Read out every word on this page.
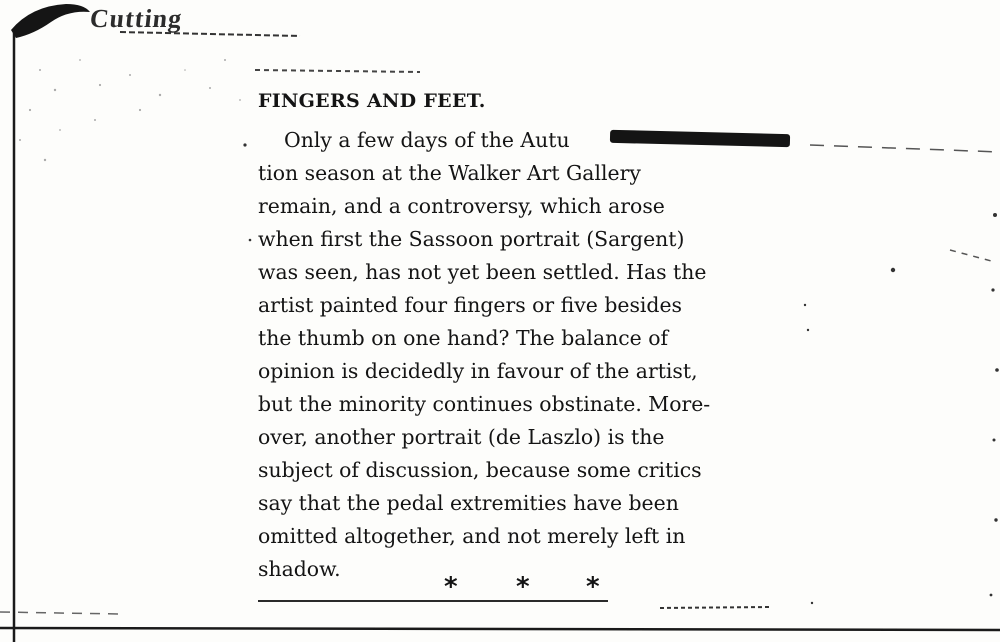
Cutting
FINGERS AND FEET.
Only a few days of the Autu
tion season at the Walker Art Gallery
remain, and a controversy, which arose
when first the Sassoon portrait (Sargent)
was seen, has not yet been settled. Has the
artist painted four fingers or five besides
the thumb on one hand? The balance of
opinion is decidedly in favour of the artist,
but the minority continues obstinate. More-
over, another portrait (de Laszlo) is the
subject of discussion, because some critics
say that the pedal extremities have been
omitted altogether, and not merely left in
shadow.
* * *
